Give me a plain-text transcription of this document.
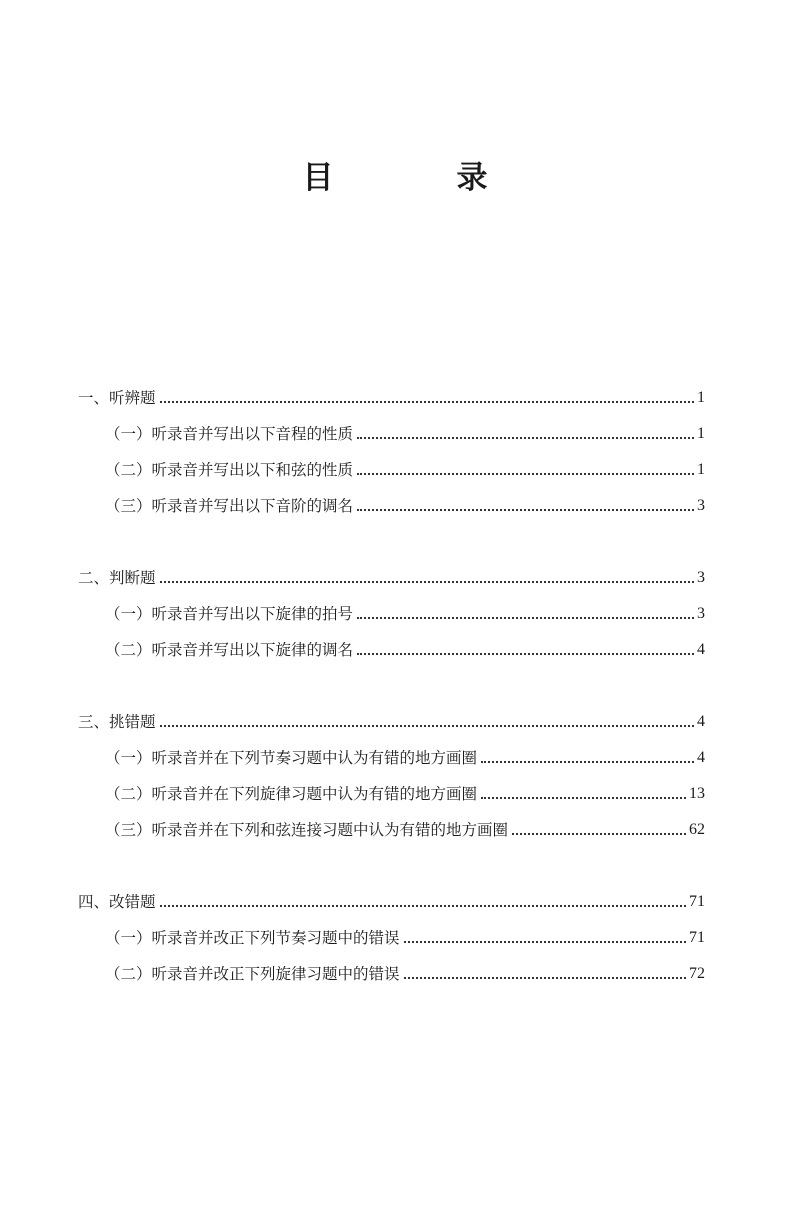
目　录
一、听辨题	1
（一）听录音并写出以下音程的性质	1
（二）听录音并写出以下和弦的性质	1
（三）听录音并写出以下音阶的调名	3
二、判断题	3
（一）听录音并写出以下旋律的拍号	3
（二）听录音并写出以下旋律的调名	4
三、挑错题	4
（一）听录音并在下列节奏习题中认为有错的地方画圈	4
（二）听录音并在下列旋律习题中认为有错的地方画圈	13
（三）听录音并在下列和弦连接习题中认为有错的地方画圈	62
四、改错题	71
（一）听录音并改正下列节奏习题中的错误	71
（二）听录音并改正下列旋律习题中的错误	72
